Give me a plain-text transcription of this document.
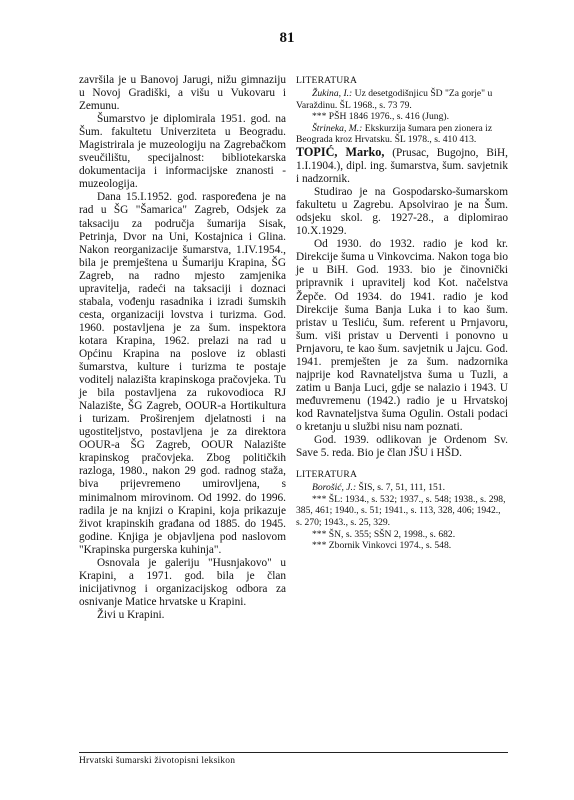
81

završila je u Banovoj Jarugi, nižu gimnaziju u Novoj Gradiški, a višu u Vukovaru i Zemunu.

Šumarstvo je diplomirala 1951. god. na Šum. fakultetu Univerziteta u Beogradu. Magistrirala je muzeologiju na Zagrebačkom sveučilištu, specijalnost: bibliotekarska dokumentacija i informacijske znanosti - muzeologija.

Dana 15.I.1952. god. raspoređena je na rad u ŠG "Šamarica" Zagreb, Odsjek za taksaciju za područja šumarija Sisak, Petrinja, Dvor na Uni, Kostajnica i Glina. Nakon reorganizacije šumarstva, 1.IV.1954., bila je premještena u Šumariju Krapina, ŠG Zagreb, na radno mjesto zamjenika upravitelja, radeći na taksaciji i doznaci stabala, vođenju rasadnika i izradi šumskih cesta, organizaciji lovstva i turizma. God. 1960. postavljena je za šum. inspektora kotara Krapina, 1962. prelazi na rad u Općinu Krapina na poslove iz oblasti šumarstva, kulture i turizma te postaje voditelj nalazišta krapinskoga pračovjeka. Tu je bila postavljena za rukovodioca RJ Nalazište, ŠG Zagreb, OOUR-a Hortikultura i turizam. Proširenjem djelatnosti i na ugostiteljstvo, postavljena je za direktora OOUR-a ŠG Zagreb, OOUR Nalazište krapinskog pračovjeka. Zbog političkih razloga, 1980., nakon 29 god. radnog staža, biva prijevremeno umirovljena, s minimalnom mirovinom. Od 1992. do 1996. radila je na knjizi o Krapini, koja prikazuje život krapinskih građana od 1885. do 1945. godine. Knjiga je objavljena pod naslovom "Krapinska purgerska kuhinja".

Osnovala je galeriju "Husnjakovo" u Krapini, a 1971. god. bila je član inicijativnog i organizacijskog odbora za osnivanje Matice hrvatske u Krapini.

Živi u Krapini.

LITERATURA

Žukina, I.: Uz desetgodišnjicu ŠD "Za gorje" u Varaždinu. ŠL 1968., s. 73 79.

*** PŠH 1846 1976., s. 416 (Jung).

Štrineka, M.: Ekskurzija šumara pen zionera iz Beograda kroz Hrvatsku. ŠL 1978., s. 410 413.

TOPIĆ, Marko, (Prusac, Bugojno, BiH, 1.I.1904.), dipl. ing. šumarstva, šum. savjetnik i nadzornik.

Studirao je na Gospodarsko-šumarskom fakultetu u Zagrebu. Apsolvirao je na Šum. odsjeku skol. g. 1927-28., a diplomirao 10.X.1929.

Od 1930. do 1932. radio je kod kr. Direkcije šuma u Vinkovcima. Nakon toga bio je u BiH. God. 1933. bio je činovnički pripravnik i upravitelj kod Kot. načelstva Žepče. Od 1934. do 1941. radio je kod Direkcije šuma Banja Luka i to kao šum. pristav u Tesliću, šum. referent u Prnjavoru, šum. viši pristav u Derventi i ponovno u Prnjavoru, te kao šum. savjetnik u Jajcu. God. 1941. premješten je za šum. nadzornika najprije kod Ravnateljstva šuma u Tuzli, a zatim u Banja Luci, gdje se nalazio i 1943. U međuvremenu (1942.) radio je u Hrvatskoj kod Ravnateljstva šuma Ogulin. Ostali podaci o kretanju u službi nisu nam poznati.

God. 1939. odlikovan je Ordenom Sv. Save 5. reda. Bio je član JŠU i HŠD.

LITERATURA

Borošić, J.: ŠIS, s. 7, 51, 111, 151.

*** ŠL: 1934., s. 532; 1937., s. 548; 1938., s. 298, 385, 461; 1940., s. 51; 1941., s. 113, 328, 406; 1942., s. 270; 1943., s. 25, 329.

*** ŠN, s. 355; SŠN 2, 1998., s. 682.

*** Zbornik Vinkovci 1974., s. 548.

Hrvatski šumarski životopisni leksikon
